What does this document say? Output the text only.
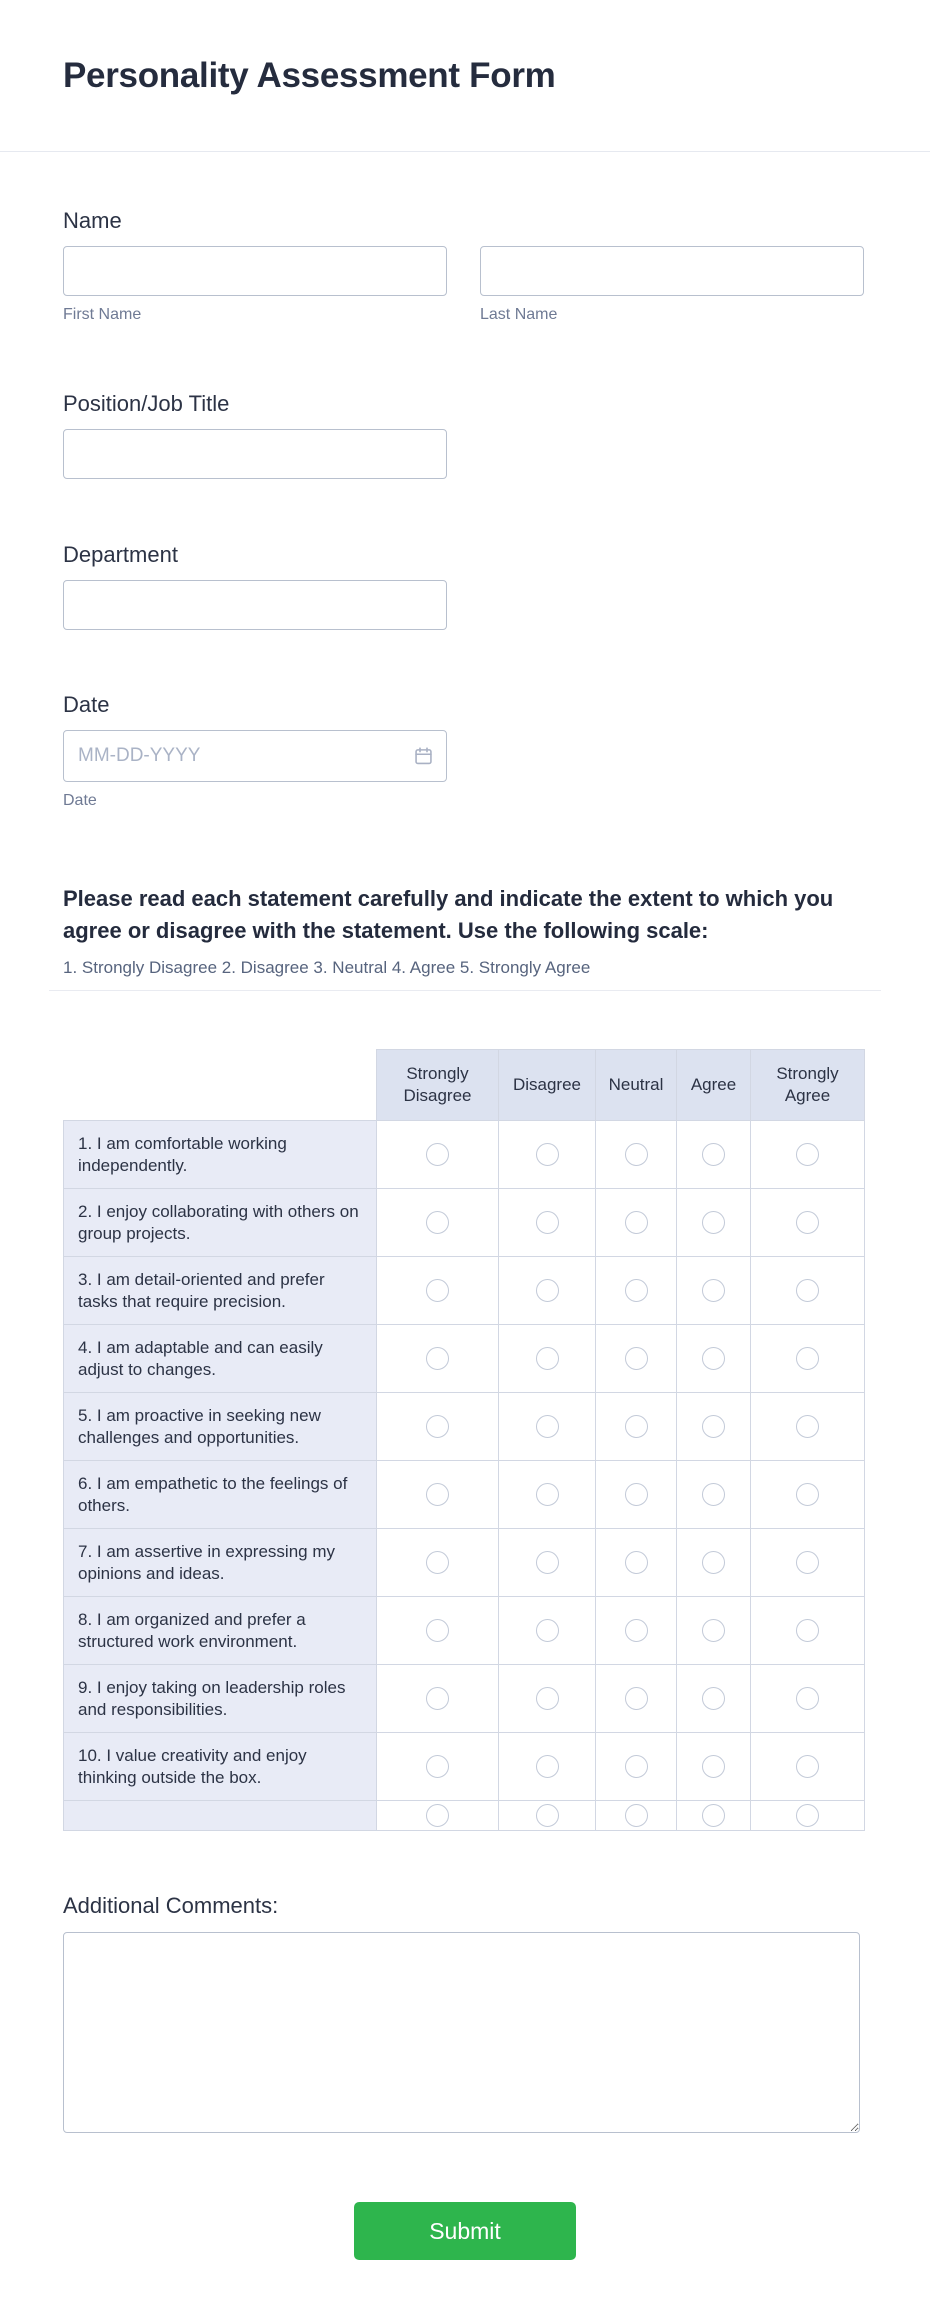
Personality Assessment Form
Name
First Name	Last Name
Position/Job Title
Department
Date
MM-DD-YYYY
Date
Please read each statement carefully and indicate the extent to which you agree or disagree with the statement. Use the following scale:
1. Strongly Disagree 2. Disagree 3. Neutral 4. Agree 5. Strongly Agree
	Strongly Disagree	Disagree	Neutral	Agree	Strongly Agree
1. I am comfortable working independently.					
2. I enjoy collaborating with others on group projects.					
3. I am detail-oriented and prefer tasks that require precision.					
4. I am adaptable and can easily adjust to changes.					
5. I am proactive in seeking new challenges and opportunities.					
6. I am empathetic to the feelings of others.					
7. I am assertive in expressing my opinions and ideas.					
8. I am organized and prefer a structured work environment.					
9. I enjoy taking on leadership roles and responsibilities.					
10. I value creativity and enjoy thinking outside the box.					

Additional Comments:
Submit
